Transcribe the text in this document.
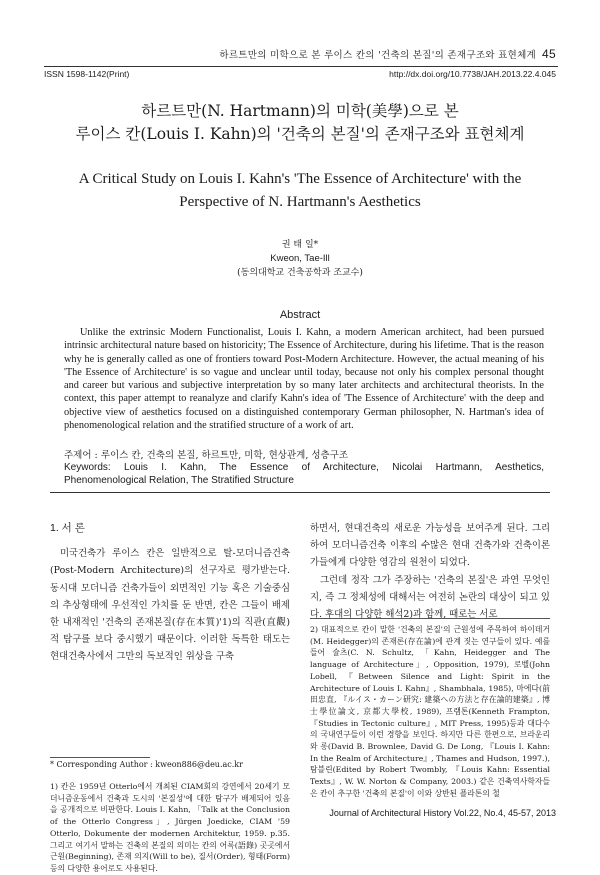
하르트만의 미학으로 본 루이스 칸의 '건축의 본질'의 존재구조와 표현체계 45
ISSN 1598-1142(Print)	http://dx.doi.org/10.7738/JAH.2013.22.4.045
하르트만(N. Hartmann)의 미학(美學)으로 본
루이스 칸(Louis I. Kahn)의 '건축의 본질'의 존재구조와 표현체계
A Critical Study on Louis I. Kahn's 'The Essence of Architecture' with the
Perspective of N. Hartmann's Aesthetics
권 태 일*
Kweon, Tae-Ill
(동의대학교 건축공학과 조교수)
Abstract
Unlike the extrinsic Modern Functionalist, Louis I. Kahn, a modern American architect, had been pursued intrinsic architectural nature based on historicity; The Essence of Architecture, during his lifetime. That is the reason why he is generally called as one of frontiers toward Post-Modern Architecture. However, the actual meaning of his 'The Essence of Architecture' is so vague and unclear until today, because not only his complex personal thought and career but various and subjective interpretation by so many later architects and architectural theorists. In the context, this paper attempt to reanalyze and clarify Kahn's idea of 'The Essence of Architecture' with the deep and objective view of aesthetics focused on a distinguished contemporary German philosopher, N. Hartman's idea of phenomenological relation and the stratified structure of a work of art.
주제어 : 루이스 칸, 건축의 본질, 하르트만, 미학, 현상관계, 성층구조
Keywords: Louis I. Kahn, The Essence of Architecture, Nicolai Hartmann, Aesthetics,
Phenomenological Relation, The Stratified Structure
1. 서 론

미국건축가 루이스 칸은 일반적으로 탈-모더니즘건축(Post-Modern Architecture)의 선구자로 평가받는다. 동시대 모더니즘 건축가들이 외면적인 기능 혹은 기술중심의 추상형태에 우선적인 가치를 둔 반면, 칸은 그들이 배제한 내재적인 '건축의 존재본질(存在本質)'1)의 직관(直觀)적 탐구를 보다 중시했기 때문이다. 이러한 독특한 태도는 현대건축사에서 그만의 독보적인 위상을 구축

하면서, 현대건축의 새로운 가능성을 보여주게 된다. 그리하여 모더니즘건축 이후의 수많은 현대 건축가와 건축이론가들에게 다양한 영감의 원천이 되었다.

그런데 정작 그가 주장하는 '건축의 본질'은 과연 무엇인지, 즉 그 정체성에 대해서는 여전히 논란의 대상이 되고 있다. 후대의 다양한 해석2)과 함께, 때로는 서로

2) 대표적으로 칸이 말한 '건축의 본질'의 근원성에 주목하여 하이데거(M. Heidegger)의 존재론(存在論)에 관계 짓는 연구들이 있다. 예를 들어 슐츠(C. N. Schultz, 「Kahn, Heidegger and The language of Architecture」, Opposition, 1979), 로벨(John Lobell, 『Between Silence and Light: Spirit in the Architecture of Louis I. Kahn』, Shambhala, 1985), 마에다(前田忠直, 『ルイス・カーン研究: 建築への方法と存在論的建築』, 博士學位論文, 京都大學校, 1989), 프램톤(Kenneth Frampton, 『Studies in Tectonic culture』, MIT Press, 1995)등과 대다수의 국내연구들이 이런 경향을 보인다. 하지만 다른 한편으로, 브라운리와 롱(David B. Brownlee, David G. De Long, 『Louis I. Kahn: In the Realm of Architecture』, Thames and Hudson, 1997.), 탐블린(Edited by Robert Twombly, 『Louis Kahn: Essential Texts』, W. W. Norton & Company, 2003.) 같은 건축역사학자들은 칸이 추구한 '건축의 본질'이 이와 상반된 플라톤의 철
* Corresponding Author : kweon886@deu.ac.kr
1) 칸은 1959년 Otterlo에서 개최된 CIAM회의 강연에서 20세기 모더니즘운동에서 건축과 도시의 '본질성'에 대한 탐구가 배제되어 있음을 공개적으로 비판한다. Louis I. Kahn, 「Talk at the Conclusion of the Otterlo Congress」, Jürgen Joedicke, CIAM '59 Otterlo, Dokumente der modernen Architektur, 1959. p.35. 그리고 여기서 말하는 건축의 본질의 의미는 칸의 어록(語錄) 곳곳에서 근원(Beginning), 존재 의지(Will to be), 질서(Order), 형태(Form) 등의 다양한 용어로도 사용된다.
Journal of Architectural History Vol.22, No.4, 45-57, 2013
